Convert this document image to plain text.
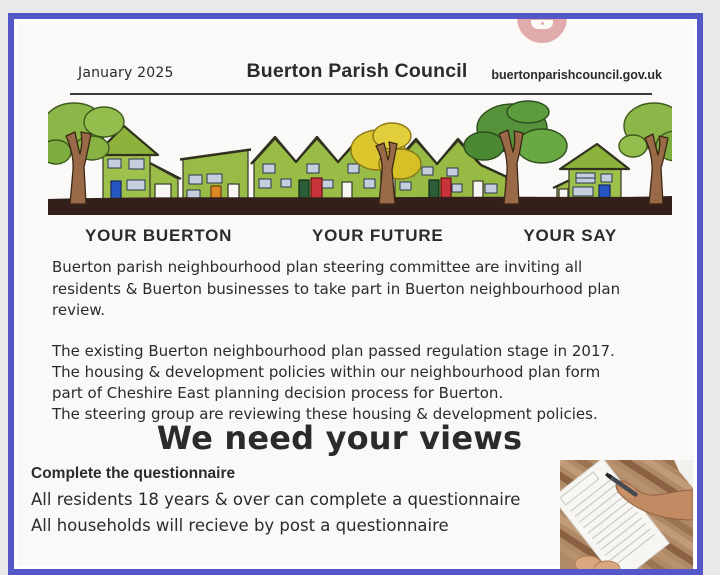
January 2025	Buerton Parish Council	buertonparishcouncil.gov.uk
YOUR BUERTON	YOUR FUTURE	YOUR SAY
Buerton parish neighbourhood plan steering committee are inviting all
residents & Buerton businesses to take part in Buerton neighbourhood plan
review.
The existing Buerton neighbourhood plan passed regulation stage in 2017.
The housing & development policies within our neighbourhood plan form
part of Cheshire East planning decision process for Buerton.
The steering group are reviewing these housing & development policies.
We need your views
Complete the questionnaire
All residents 18 years & over can complete a questionnaire
All households will recieve by post a questionnaire
